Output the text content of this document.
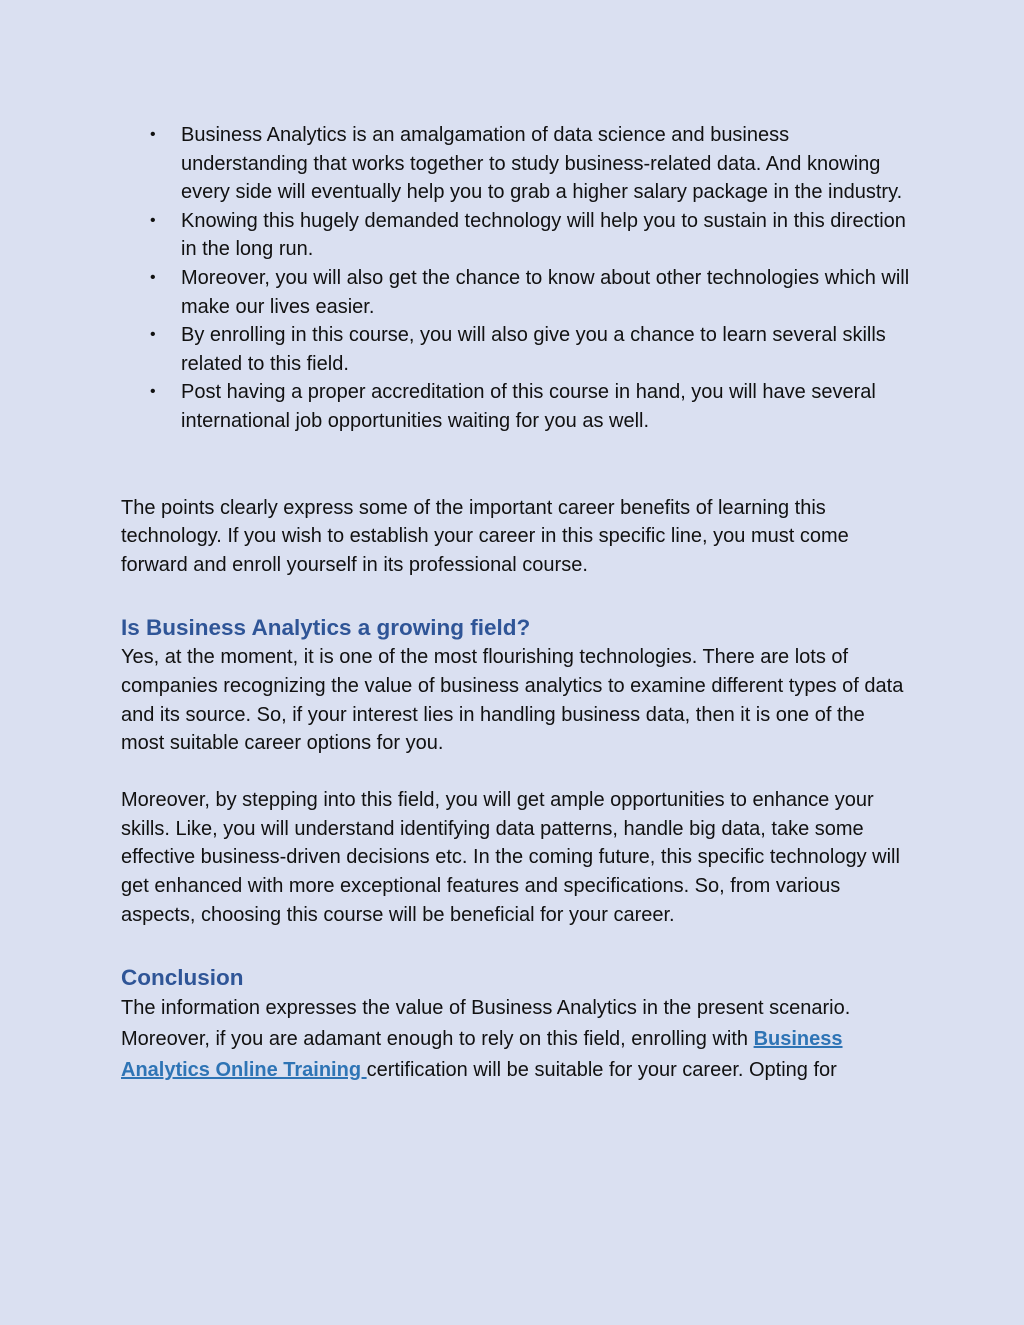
• Business Analytics is an amalgamation of data science and business understanding that works together to study business-related data. And knowing every side will eventually help you to grab a higher salary package in the industry.
• Knowing this hugely demanded technology will help you to sustain in this direction in the long run.
• Moreover, you will also get the chance to know about other technologies which will make our lives easier.
• By enrolling in this course, you will also give you a chance to learn several skills related to this field.
• Post having a proper accreditation of this course in hand, you will have several international job opportunities waiting for you as well.

The points clearly express some of the important career benefits of learning this technology. If you wish to establish your career in this specific line, you must come forward and enroll yourself in its professional course.

Is Business Analytics a growing field?

Yes, at the moment, it is one of the most flourishing technologies. There are lots of companies recognizing the value of business analytics to examine different types of data and its source. So, if your interest lies in handling business data, then it is one of the most suitable career options for you.

Moreover, by stepping into this field, you will get ample opportunities to enhance your skills. Like, you will understand identifying data patterns, handle big data, take some effective business-driven decisions etc. In the coming future, this specific technology will get enhanced with more exceptional features and specifications. So, from various aspects, choosing this course will be beneficial for your career.

Conclusion

The information expresses the value of Business Analytics in the present scenario. Moreover, if you are adamant enough to rely on this field, enrolling with Business Analytics Online Training certification will be suitable for your career. Opting for
